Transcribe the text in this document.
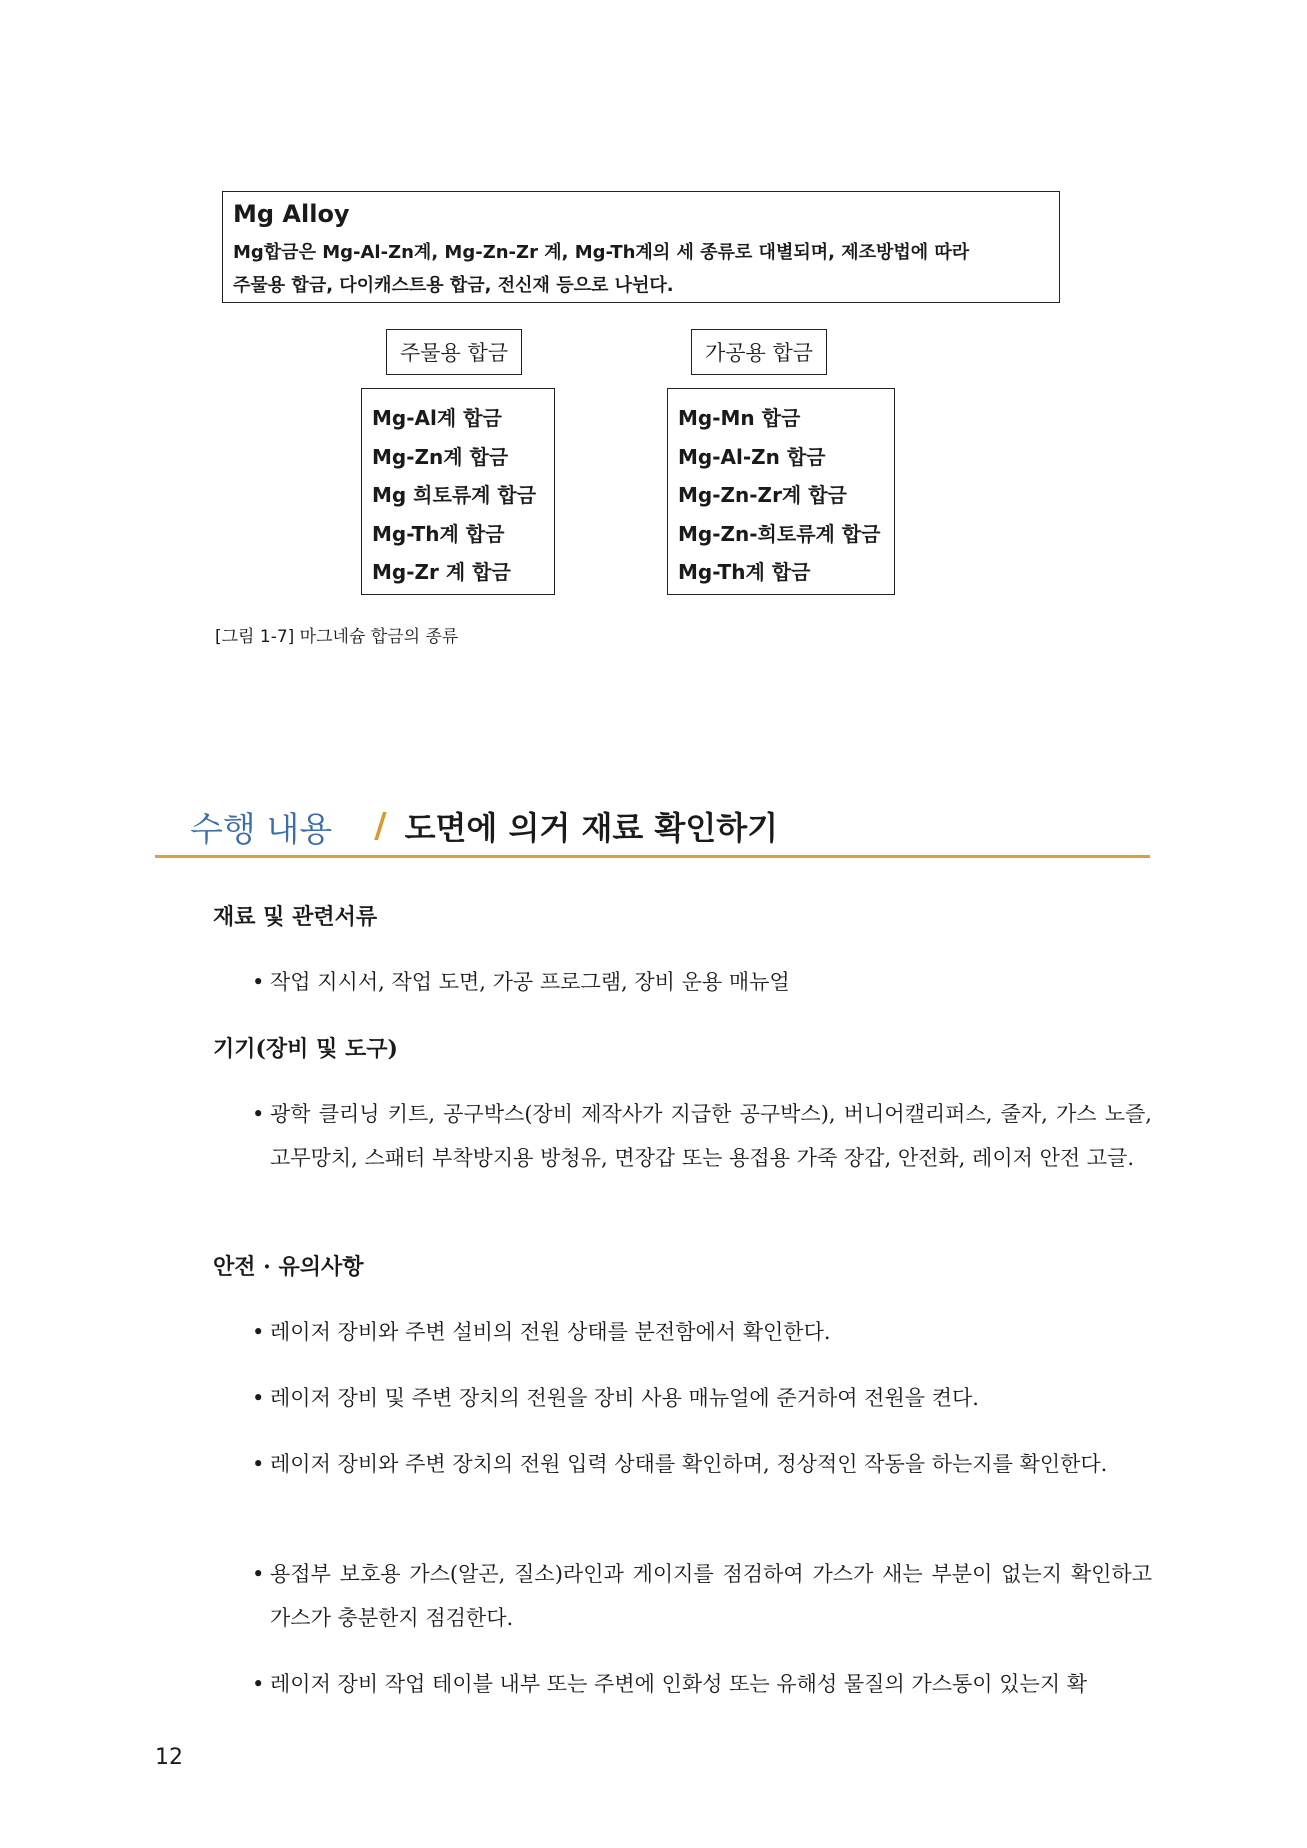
Mg Alloy

Mg합금은 Mg-Al-Zn계, Mg-Zn-Zr 계, Mg-Th계의 세 종류로 대별되며, 제조방법에 따라

주물용 합금, 다이캐스트용 합금, 전신재 등으로 나뉜다.

주물용 합금	가공용 합금
Mg-Al계 합금
Mg-Zn계 합금
Mg 희토류계 합금
Mg-Th계 합금
Mg-Zr 계 합금
Mg-Mn 합금
Mg-Al-Zn 합금
Mg-Zn-Zr계 합금
Mg-Zn-희토류계 합금
Mg-Th계 합금
[그림 1-7] 마그네슘 합금의 종류
수행 내용 / 도면에 의거 재료 확인하기
재료 및 관련서류
• 작업 지시서, 작업 도면, 가공 프로그램, 장비 운용 매뉴얼
기기(장비 및 도구)
• 광학 클리닝 키트, 공구박스(장비 제작사가 지급한 공구박스), 버니어캘리퍼스, 줄자, 가스 노즐, 고무망치, 스패터 부착방지용 방청유, 면장갑 또는 용접용 가죽 장갑, 안전화, 레이저 안전 고글.
안전 · 유의사항
• 레이저 장비와 주변 설비의 전원 상태를 분전함에서 확인한다.
• 레이저 장비 및 주변 장치의 전원을 장비 사용 매뉴얼에 준거하여 전원을 켠다.
• 레이저 장비와 주변 장치의 전원 입력 상태를 확인하며, 정상적인 작동을 하는지를 확인한다.
• 용접부 보호용 가스(알곤, 질소)라인과 게이지를 점검하여 가스가 새는 부분이 없는지 확인하고 가스가 충분한지 점검한다.
• 레이저 장비 작업 테이블 내부 또는 주변에 인화성 또는 유해성 물질의 가스통이 있는지 확
12
